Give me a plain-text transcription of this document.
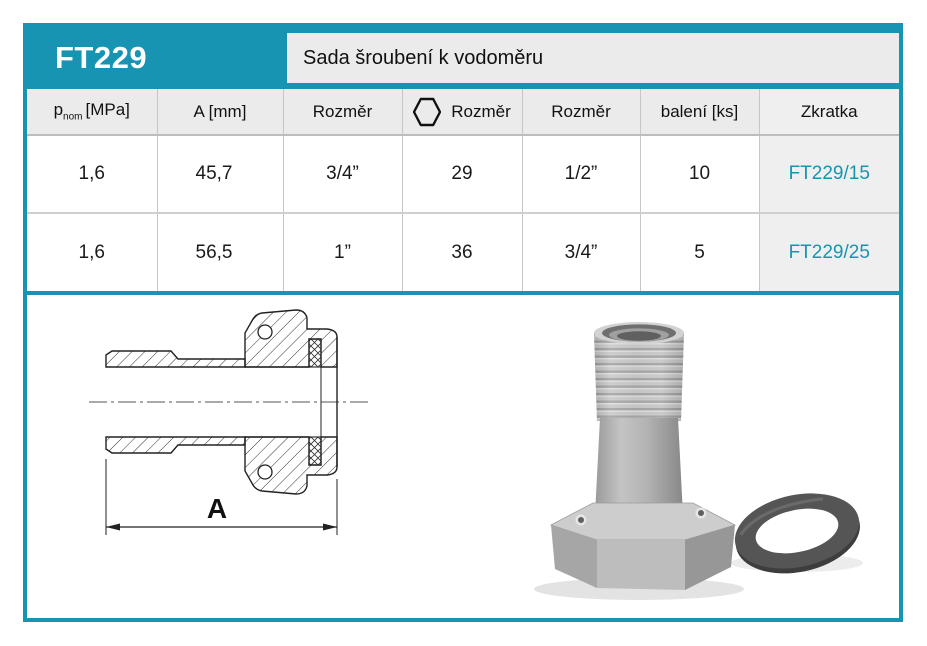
FT229	Sada šroubení k vodoměru
$p_{nom}$ [MPa]	A [mm]	Rozměr	Rozměr	Rozměr	balení [ks]	Zkratka
1,6	45,7	3/4”	29	1/2”	10	FT229/15
1,6	56,5	1”	36	3/4”	5	FT229/25
A
